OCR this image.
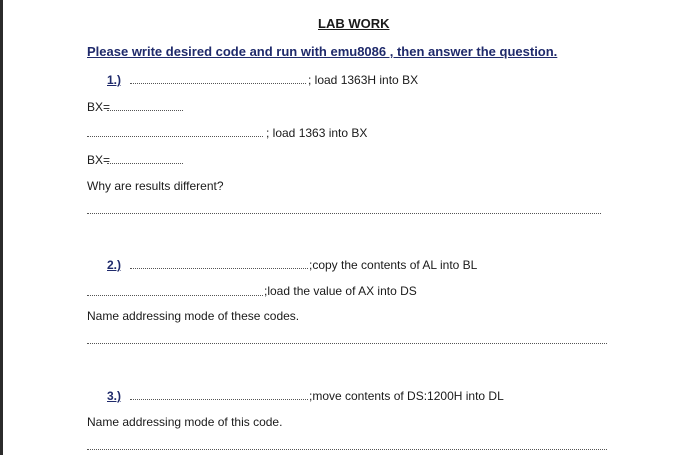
LAB WORK
Please write desired code and run with emu8086 , then answer the question.
1.)	; load 1363H into BX
BX=
; load 1363 into BX
BX=
Why are results different?
2.)	;copy the contents of AL into BL
;load the value of AX into DS
Name addressing mode of these codes.
3.)	;move contents of DS:1200H into DL
Name addressing mode of this code.
